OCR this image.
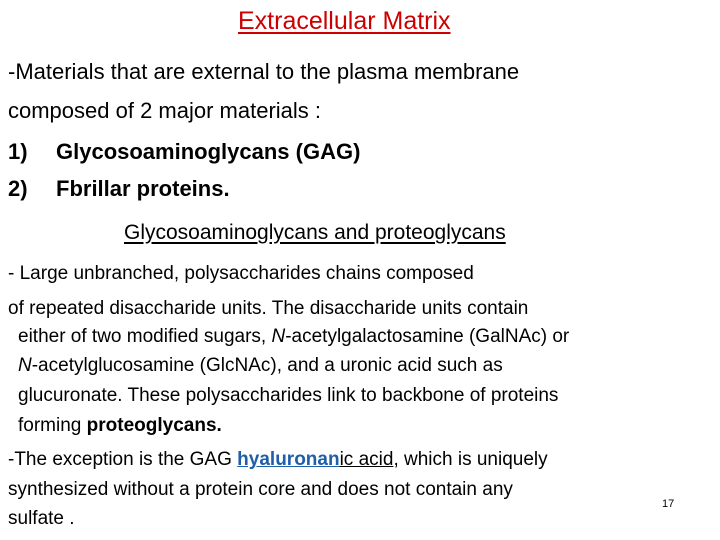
Extracellular Matrix
-Materials that are external to the plasma membrane
composed of 2 major materials :
1) Glycosoaminoglycans (GAG)
2) Fbrillar proteins.
Glycosoaminoglycans and proteoglycans
- Large unbranched, polysaccharides chains composed
of repeated disaccharide units. The disaccharide units contain
either of two modified sugars, N-acetylgalactosamine (GalNAc) or
N-acetylglucosamine (GlcNAc), and a uronic acid such as
glucuronate. These polysaccharides link to backbone of proteins
forming proteoglycans.
-The exception is the GAG hyaluronanic acid, which is uniquely
synthesized without a protein core and does not contain any
sulfate .
17
